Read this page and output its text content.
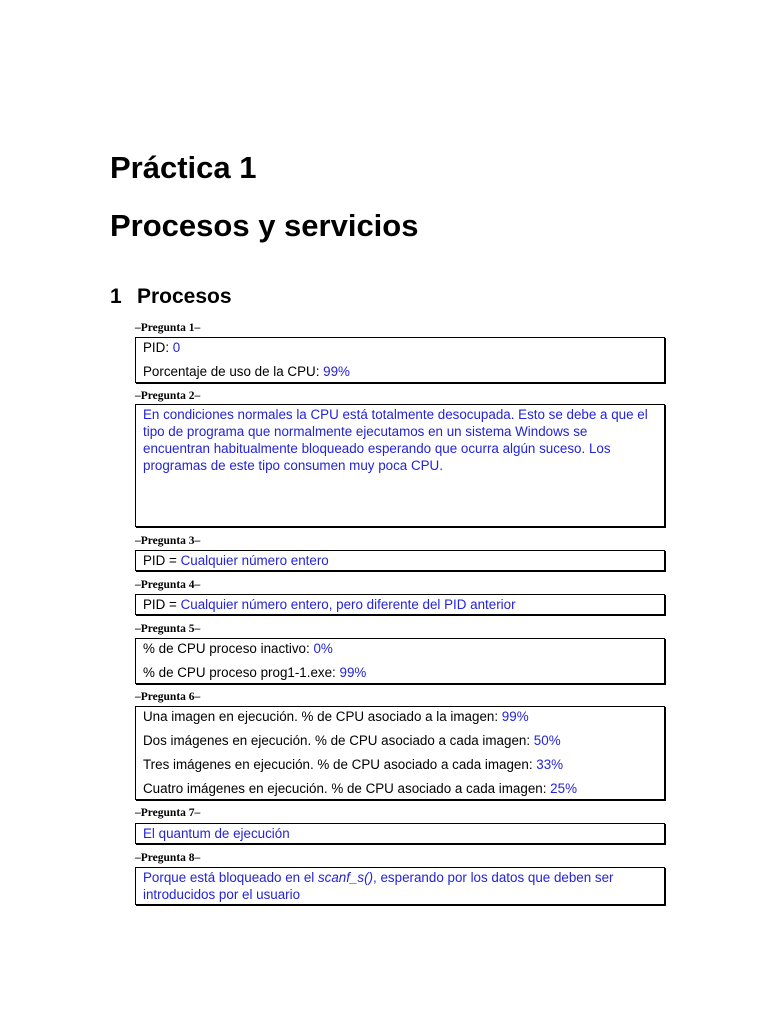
Práctica 1
Procesos y servicios
1 Procesos
–Pregunta 1–

PID: 0

Porcentaje de uso de la CPU: 99%

–Pregunta 2–

En condiciones normales la CPU está totalmente desocupada. Esto se debe a que el tipo de programa que normalmente ejecutamos en un sistema Windows se encuentran habitualmente bloqueado esperando que ocurra algún suceso. Los programas de este tipo consumen muy poca CPU.

–Pregunta 3–

PID = Cualquier número entero

–Pregunta 4–

PID = Cualquier número entero, pero diferente del PID anterior

–Pregunta 5–

% de CPU proceso inactivo: 0%

% de CPU proceso prog1-1.exe: 99%

–Pregunta 6–

Una imagen en ejecución. % de CPU asociado a la imagen: 99%

Dos imágenes en ejecución. % de CPU asociado a cada imagen: 50%

Tres imágenes en ejecución. % de CPU asociado a cada imagen: 33%

Cuatro imágenes en ejecución. % de CPU asociado a cada imagen: 25%

–Pregunta 7–

El quantum de ejecución

–Pregunta 8–

Porque está bloqueado en el scanf_s(), esperando por los datos que deben ser introducidos por el usuario
